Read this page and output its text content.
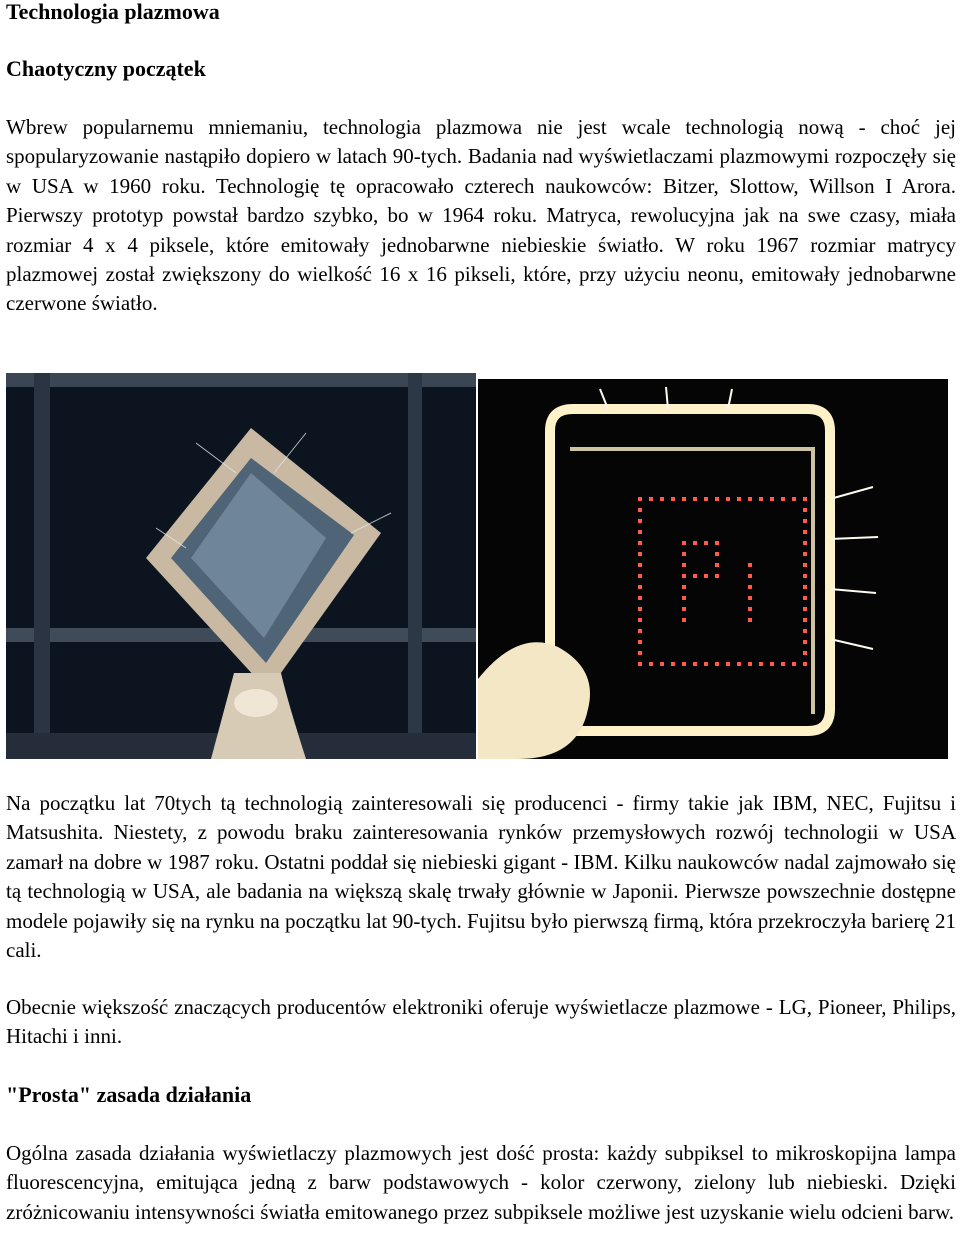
Technologia plazmowa
Chaotyczny początek

Wbrew popularnemu mniemaniu, technologia plazmowa nie jest wcale technologią nową - choć jej spopularyzowanie nastąpiło dopiero w latach 90-tych. Badania nad wyświetlaczami plazmowymi rozpoczęły się w USA w 1960 roku. Technologię tę opracowało czterech naukowców: Bitzer, Slottow, Willson I Arora. Pierwszy prototyp powstał bardzo szybko, bo w 1964 roku. Matryca, rewolucyjna jak na swe czasy, miała rozmiar 4 x 4 piksele, które emitowały jednobarwne niebieskie światło. W roku 1967 rozmiar matrycy plazmowej został zwiększony do wielkość 16 x 16 pikseli, które, przy użyciu neonu, emitowały jednobarwne czerwone światło.

Na początku lat 70tych tą technologią zainteresowali się producenci - firmy takie jak IBM, NEC, Fujitsu i Matsushita. Niestety, z powodu braku zainteresowania rynków przemysłowych rozwój technologii w USA zamarł na dobre w 1987 roku. Ostatni poddał się niebieski gigant - IBM. Kilku naukowców nadal zajmowało się tą technologią w USA, ale badania na większą skalę trwały głównie w Japonii. Pierwsze powszechnie dostępne modele pojawiły się na rynku na początku lat 90-tych. Fujitsu było pierwszą firmą, która przekroczyła barierę 21 cali.

Obecnie większość znaczących producentów elektroniki oferuje wyświetlacze plazmowe - LG, Pioneer, Philips, Hitachi i inni.

"Prosta" zasada działania

Ogólna zasada działania wyświetlaczy plazmowych jest dość prosta: każdy subpiksel to mikroskopijna lampa fluorescencyjna, emitująca jedną z barw podstawowych - kolor czerwony, zielony lub niebieski. Dzięki zróżnicowaniu intensywności światła emitowanego przez subpiksele możliwe jest uzyskanie wielu odcieni barw.
